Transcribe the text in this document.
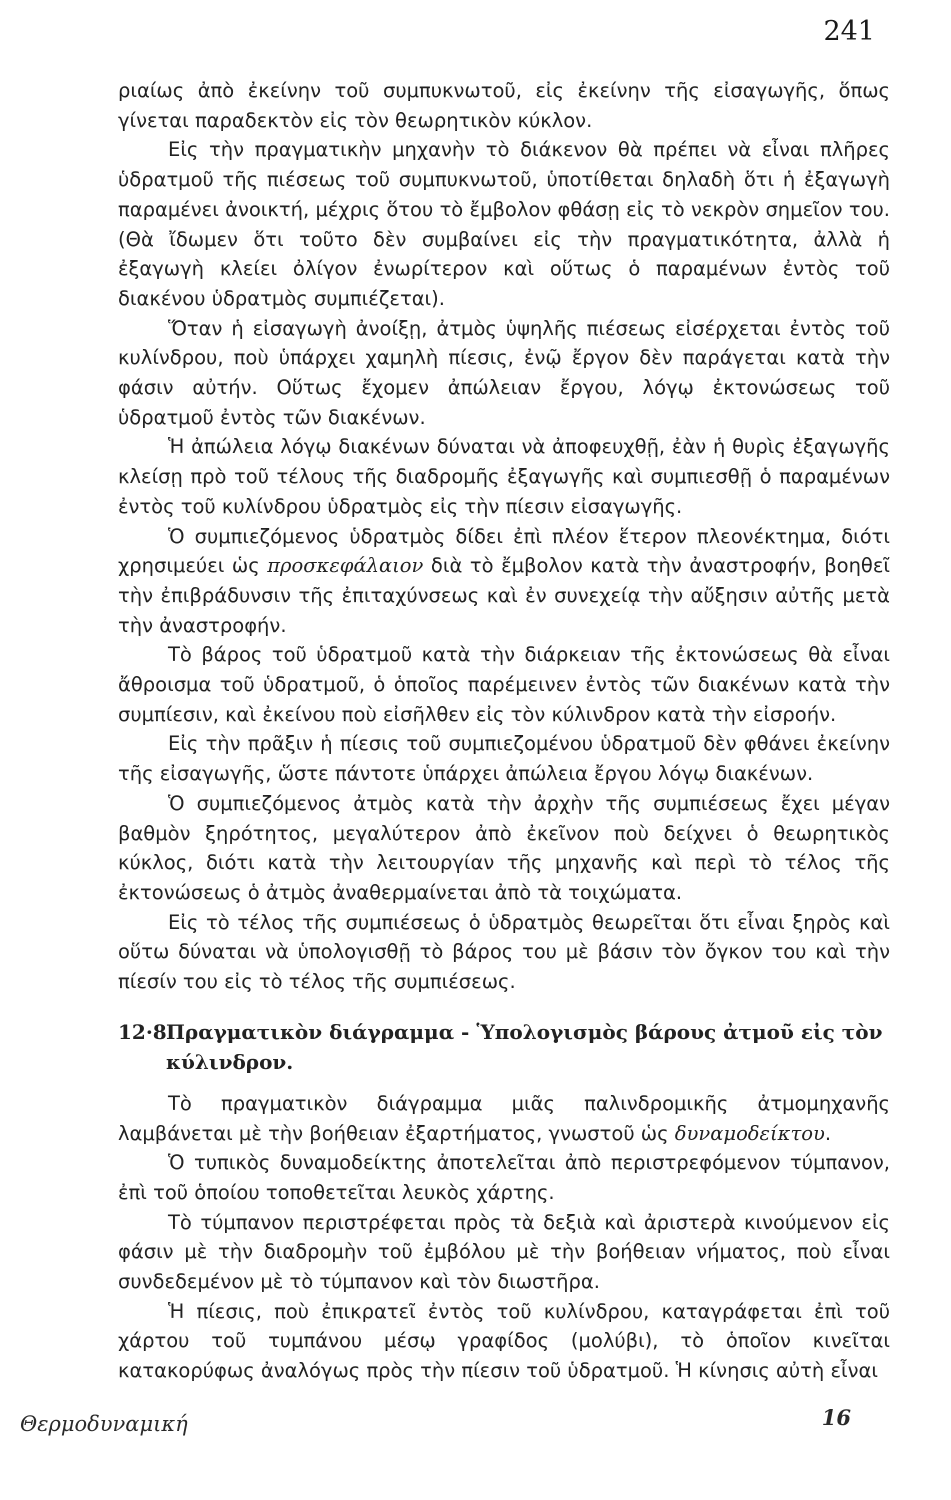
241

ριαίως ἀπὸ ἐκείνην τοῦ συμπυκνωτοῦ, εἰς ἐκείνην τῆς εἰσαγωγῆς, ὅπως γίνεται παραδεκτὸν εἰς τὸν θεωρητικὸν κύκλον.

Εἰς τὴν πραγματικὴν μηχανὴν τὸ διάκενον θὰ πρέπει νὰ εἶναι πλῆρες ὑδρατμοῦ τῆς πιέσεως τοῦ συμπυκνωτοῦ, ὑποτίθεται δηλαδὴ ὅτι ἡ ἐξαγωγὴ παραμένει ἀνοικτή, μέχρις ὅτου τὸ ἔμβολον φθάσῃ εἰς τὸ νεκρὸν σημεῖον του. (Θὰ ἴδωμεν ὅτι τοῦτο δὲν συμβαίνει εἰς τὴν πραγματικότητα, ἀλλὰ ἡ ἐξαγωγὴ κλείει ὀλίγον ἐνωρίτερον καὶ οὕτως ὁ παραμένων ἐντὸς τοῦ διακένου ὑδρατμὸς συμπιέζεται).

Ὅταν ἡ εἰσαγωγὴ ἀνοίξῃ, ἀτμὸς ὑψηλῆς πιέσεως εἰσέρχεται ἐντὸς τοῦ κυλίνδρου, ποὺ ὑπάρχει χαμηλὴ πίεσις, ἐνῷ ἔργον δὲν παράγεται κατὰ τὴν φάσιν αὐτήν. Οὕτως ἔχομεν ἀπώλειαν ἔργου, λόγῳ ἐκτονώσεως τοῦ ὑδρατμοῦ ἐντὸς τῶν διακένων.

Ἡ ἀπώλεια λόγῳ διακένων δύναται νὰ ἀποφευχθῇ, ἐὰν ἡ θυρὶς ἐξαγωγῆς κλείσῃ πρὸ τοῦ τέλους τῆς διαδρομῆς ἐξαγωγῆς καὶ συμπιεσθῇ ὁ παραμένων ἐντὸς τοῦ κυλίνδρου ὑδρατμὸς εἰς τὴν πίεσιν εἰσαγωγῆς.

Ὁ συμπιεζόμενος ὑδρατμὸς δίδει ἐπὶ πλέον ἕτερον πλεονέκτημα, διότι χρησιμεύει ὡς προσκεφάλαιον διὰ τὸ ἔμβολον κατὰ τὴν ἀναστροφήν, βοηθεῖ τὴν ἐπιβράδυνσιν τῆς ἐπιταχύνσεως καὶ ἐν συνεχείᾳ τὴν αὔξησιν αὐτῆς μετὰ τὴν ἀναστροφήν.

Τὸ βάρος τοῦ ὑδρατμοῦ κατὰ τὴν διάρκειαν τῆς ἐκτονώσεως θὰ εἶναι ἄθροισμα τοῦ ὑδρατμοῦ, ὁ ὁποῖος παρέμεινεν ἐντὸς τῶν διακένων κατὰ τὴν συμπίεσιν, καὶ ἐκείνου ποὺ εἰσῆλθεν εἰς τὸν κύλινδρον κατὰ τὴν εἰσροήν.

Εἰς τὴν πρᾶξιν ἡ πίεσις τοῦ συμπιεζομένου ὑδρατμοῦ δὲν φθάνει ἐκείνην τῆς εἰσαγωγῆς, ὥστε πάντοτε ὑπάρχει ἀπώλεια ἔργου λόγῳ διακένων.

Ὁ συμπιεζόμενος ἀτμὸς κατὰ τὴν ἀρχὴν τῆς συμπιέσεως ἔχει μέγαν βαθμὸν ξηρότητος, μεγαλύτερον ἀπὸ ἐκεῖνον ποὺ δείχνει ὁ θεωρητικὸς κύκλος, διότι κατὰ τὴν λειτουργίαν τῆς μηχανῆς καὶ περὶ τὸ τέλος τῆς ἐκτονώσεως ὁ ἀτμὸς ἀναθερμαίνεται ἀπὸ τὰ τοιχώματα.

Εἰς τὸ τέλος τῆς συμπιέσεως ὁ ὑδρατμὸς θεωρεῖται ὅτι εἶναι ξηρὸς καὶ οὕτω δύναται νὰ ὑπολογισθῇ τὸ βάρος του μὲ βάσιν τὸν ὄγκον του καὶ τὴν πίεσίν του εἰς τὸ τέλος τῆς συμπιέσεως.

12·8Πραγματικὸν διάγραμμα - Ὑπολογισμὸς βάρους ἀτμοῦ εἰς τὸν κύλινδρον.

Τὸ πραγματικὸν διάγραμμα μιᾶς παλινδρομικῆς ἀτμομηχανῆς λαμβάνεται μὲ τὴν βοήθειαν ἐξαρτήματος, γνωστοῦ ὡς δυναμοδείκτου.

Ὁ τυπικὸς δυναμοδείκτης ἀποτελεῖται ἀπὸ περιστρεφόμενον τύμπανον, ἐπὶ τοῦ ὁποίου τοποθετεῖται λευκὸς χάρτης.

Τὸ τύμπανον περιστρέφεται πρὸς τὰ δεξιὰ καὶ ἀριστερὰ κινούμενον εἰς φάσιν μὲ τὴν διαδρομὴν τοῦ ἐμβόλου μὲ τὴν βοήθειαν νήματος, ποὺ εἶναι συνδεδεμένον μὲ τὸ τύμπανον καὶ τὸν διωστῆρα.

Ἡ πίεσις, ποὺ ἐπικρατεῖ ἐντὸς τοῦ κυλίνδρου, καταγράφεται ἐπὶ τοῦ χάρτου τοῦ τυμπάνου μέσῳ γραφίδος (μολύβι), τὸ ὁποῖον κινεῖται κατακορύφως ἀναλόγως πρὸς τὴν πίεσιν τοῦ ὑδρατμοῦ. Ἡ κίνησις αὐτὴ εἶναι

Θερμοδυναμική	16
